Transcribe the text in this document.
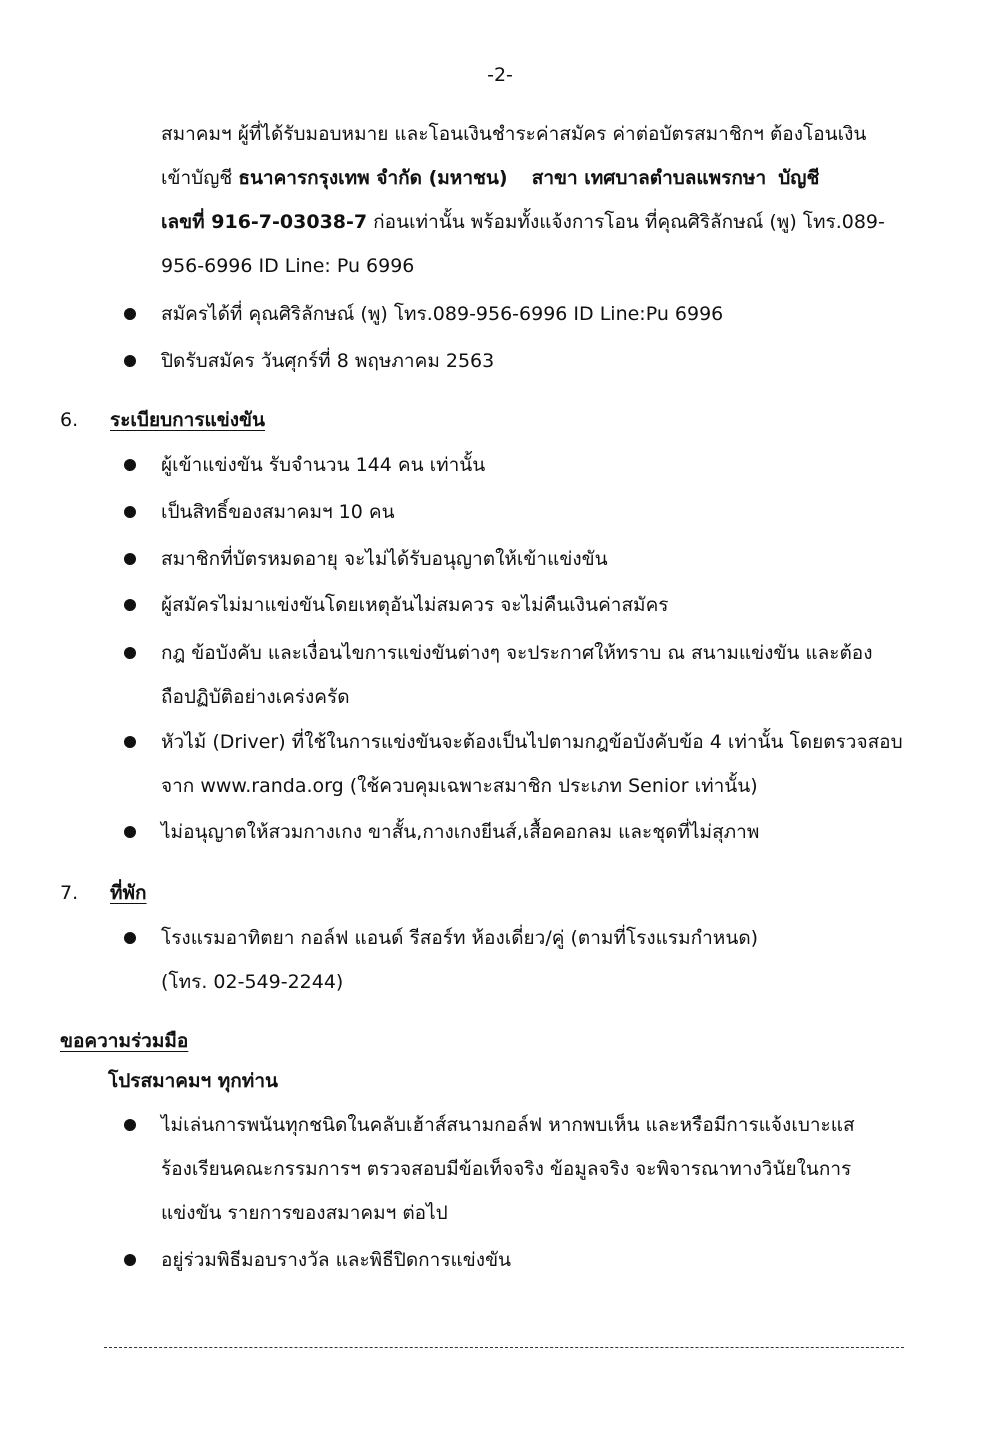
-2-
สมาคมฯ ผู้ที่ได้รับมอบหมาย และโอนเงินชำระค่าสมัคร ค่าต่อบัตรสมาชิกฯ ต้องโอนเงิน
เข้าบัญชี ธนาคารกรุงเทพ จำกัด (มหาชน) สาขา เทศบาลตำบลแพรกษา บัญชี
เลขที่ 916-7-03038-7 ก่อนเท่านั้น พร้อมทั้งแจ้งการโอน ที่คุณศิริลักษณ์ (พู) โทร.089-
956-6996 ID Line: Pu 6996
สมัครได้ที่ คุณศิริลักษณ์ (พู) โทร.089-956-6996 ID Line:Pu 6996
ปิดรับสมัคร วันศุกร์ที่ 8 พฤษภาคม 2563
6. ระเบียบการแข่งขัน
ผู้เข้าแข่งขัน รับจำนวน 144 คน เท่านั้น
เป็นสิทธิ์ของสมาคมฯ 10 คน
สมาชิกที่บัตรหมดอายุ จะไม่ได้รับอนุญาตให้เข้าแข่งขัน
ผู้สมัครไม่มาแข่งขันโดยเหตุอันไม่สมควร จะไม่คืนเงินค่าสมัคร
กฎ ข้อบังคับ และเงื่อนไขการแข่งขันต่างๆ จะประกาศให้ทราบ ณ สนามแข่งขัน และต้อง
ถือปฏิบัติอย่างเคร่งครัด
หัวไม้ (Driver) ที่ใช้ในการแข่งขันจะต้องเป็นไปตามกฎข้อบังคับข้อ 4 เท่านั้น โดยตรวจสอบ
จาก www.randa.org (ใช้ควบคุมเฉพาะสมาชิก ประเภท Senior เท่านั้น)
ไม่อนุญาตให้สวมกางเกง ขาสั้น,กางเกงยีนส์,เสื้อคอกลม และชุดที่ไม่สุภาพ
7. ที่พัก
โรงแรมอาทิตยา กอล์ฟ แอนด์ รีสอร์ท ห้องเดี่ยว/คู่ (ตามที่โรงแรมกำหนด)
(โทร. 02-549-2244)
ขอความร่วมมือ
โปรสมาคมฯ ทุกท่าน
ไม่เล่นการพนันทุกชนิดในคลับเฮ้าส์สนามกอล์ฟ หากพบเห็น และหรือมีการแจ้งเบาะแส
ร้องเรียนคณะกรรมการฯ ตรวจสอบมีข้อเท็จจริง ข้อมูลจริง จะพิจารณาทางวินัยในการ
แข่งขัน รายการของสมาคมฯ ต่อไป
อยู่ร่วมพิธีมอบรางวัล และพิธีปิดการแข่งขัน
